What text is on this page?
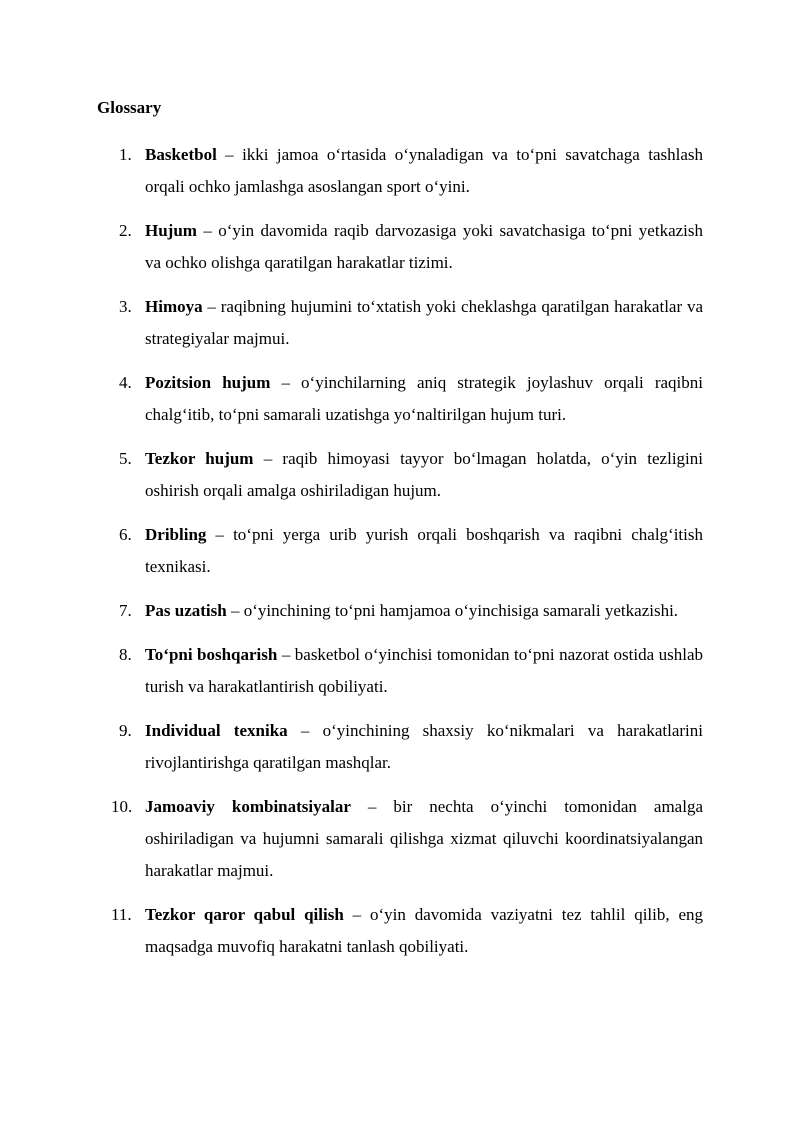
Glossary
1. Basketbol – ikki jamoa o‘rtasida o‘ynaladigan va to‘pni savatchaga tashlash orqali ochko jamlashga asoslangan sport o‘yini.
2. Hujum – o‘yin davomida raqib darvozasiga yoki savatchasiga to‘pni yetkazish va ochko olishga qaratilgan harakatlar tizimi.
3. Himoya – raqibning hujumini to‘xtatish yoki cheklashga qaratilgan harakatlar va strategiyalar majmui.
4. Pozitsion hujum – o‘yinchilarning aniq strategik joylashuv orqali raqibni chalg‘itib, to‘pni samarali uzatishga yo‘naltirilgan hujum turi.
5. Tezkor hujum – raqib himoyasi tayyor bo‘lmagan holatda, o‘yin tezligini oshirish orqali amalga oshiriladigan hujum.
6. Dribling – to‘pni yerga urib yurish orqali boshqarish va raqibni chalg‘itish texnikasi.
7. Pas uzatish – o‘yinchining to‘pni hamjamoa o‘yinchisiga samarali yetkazishi.
8. To‘pni boshqarish – basketbol o‘yinchisi tomonidan to‘pni nazorat ostida ushlab turish va harakatlantirish qobiliyati.
9. Individual texnika – o‘yinchining shaxsiy ko‘nikmalari va harakatlarini rivojlantirishga qaratilgan mashqlar.
10. Jamoaviy kombinatsiyalar – bir nechta o‘yinchi tomonidan amalga oshiriladigan va hujumni samarali qilishga xizmat qiluvchi koordinatsiyalangan harakatlar majmui.
11. Tezkor qaror qabul qilish – o‘yin davomida vaziyatni tez tahlil qilib, eng maqsadga muvofiq harakatni tanlash qobiliyati.
